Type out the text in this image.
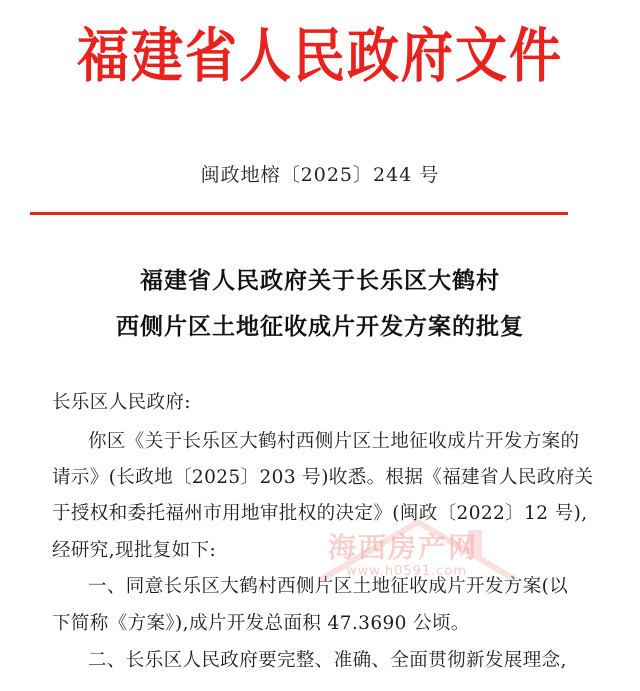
福建省人民政府文件
闽政地榕〔2025〕244 号
福建省人民政府关于长乐区大鹤村
西侧片区土地征收成片开发方案的批复
长乐区人民政府:
你区《关于长乐区大鹤村西侧片区土地征收成片开发方案的
请示》(长政地〔2025〕203 号)收悉。根据《福建省人民政府关
于授权和委托福州市用地审批权的决定》(闽政〔2022〕12 号),
经研究,现批复如下:
一、同意长乐区大鹤村西侧片区土地征收成片开发方案(以
下简称《方案》),成片开发总面积 47.3690 公顷。
二、长乐区人民政府要完整、准确、全面贯彻新发展理念,
海西房产网
www.h0591.com
